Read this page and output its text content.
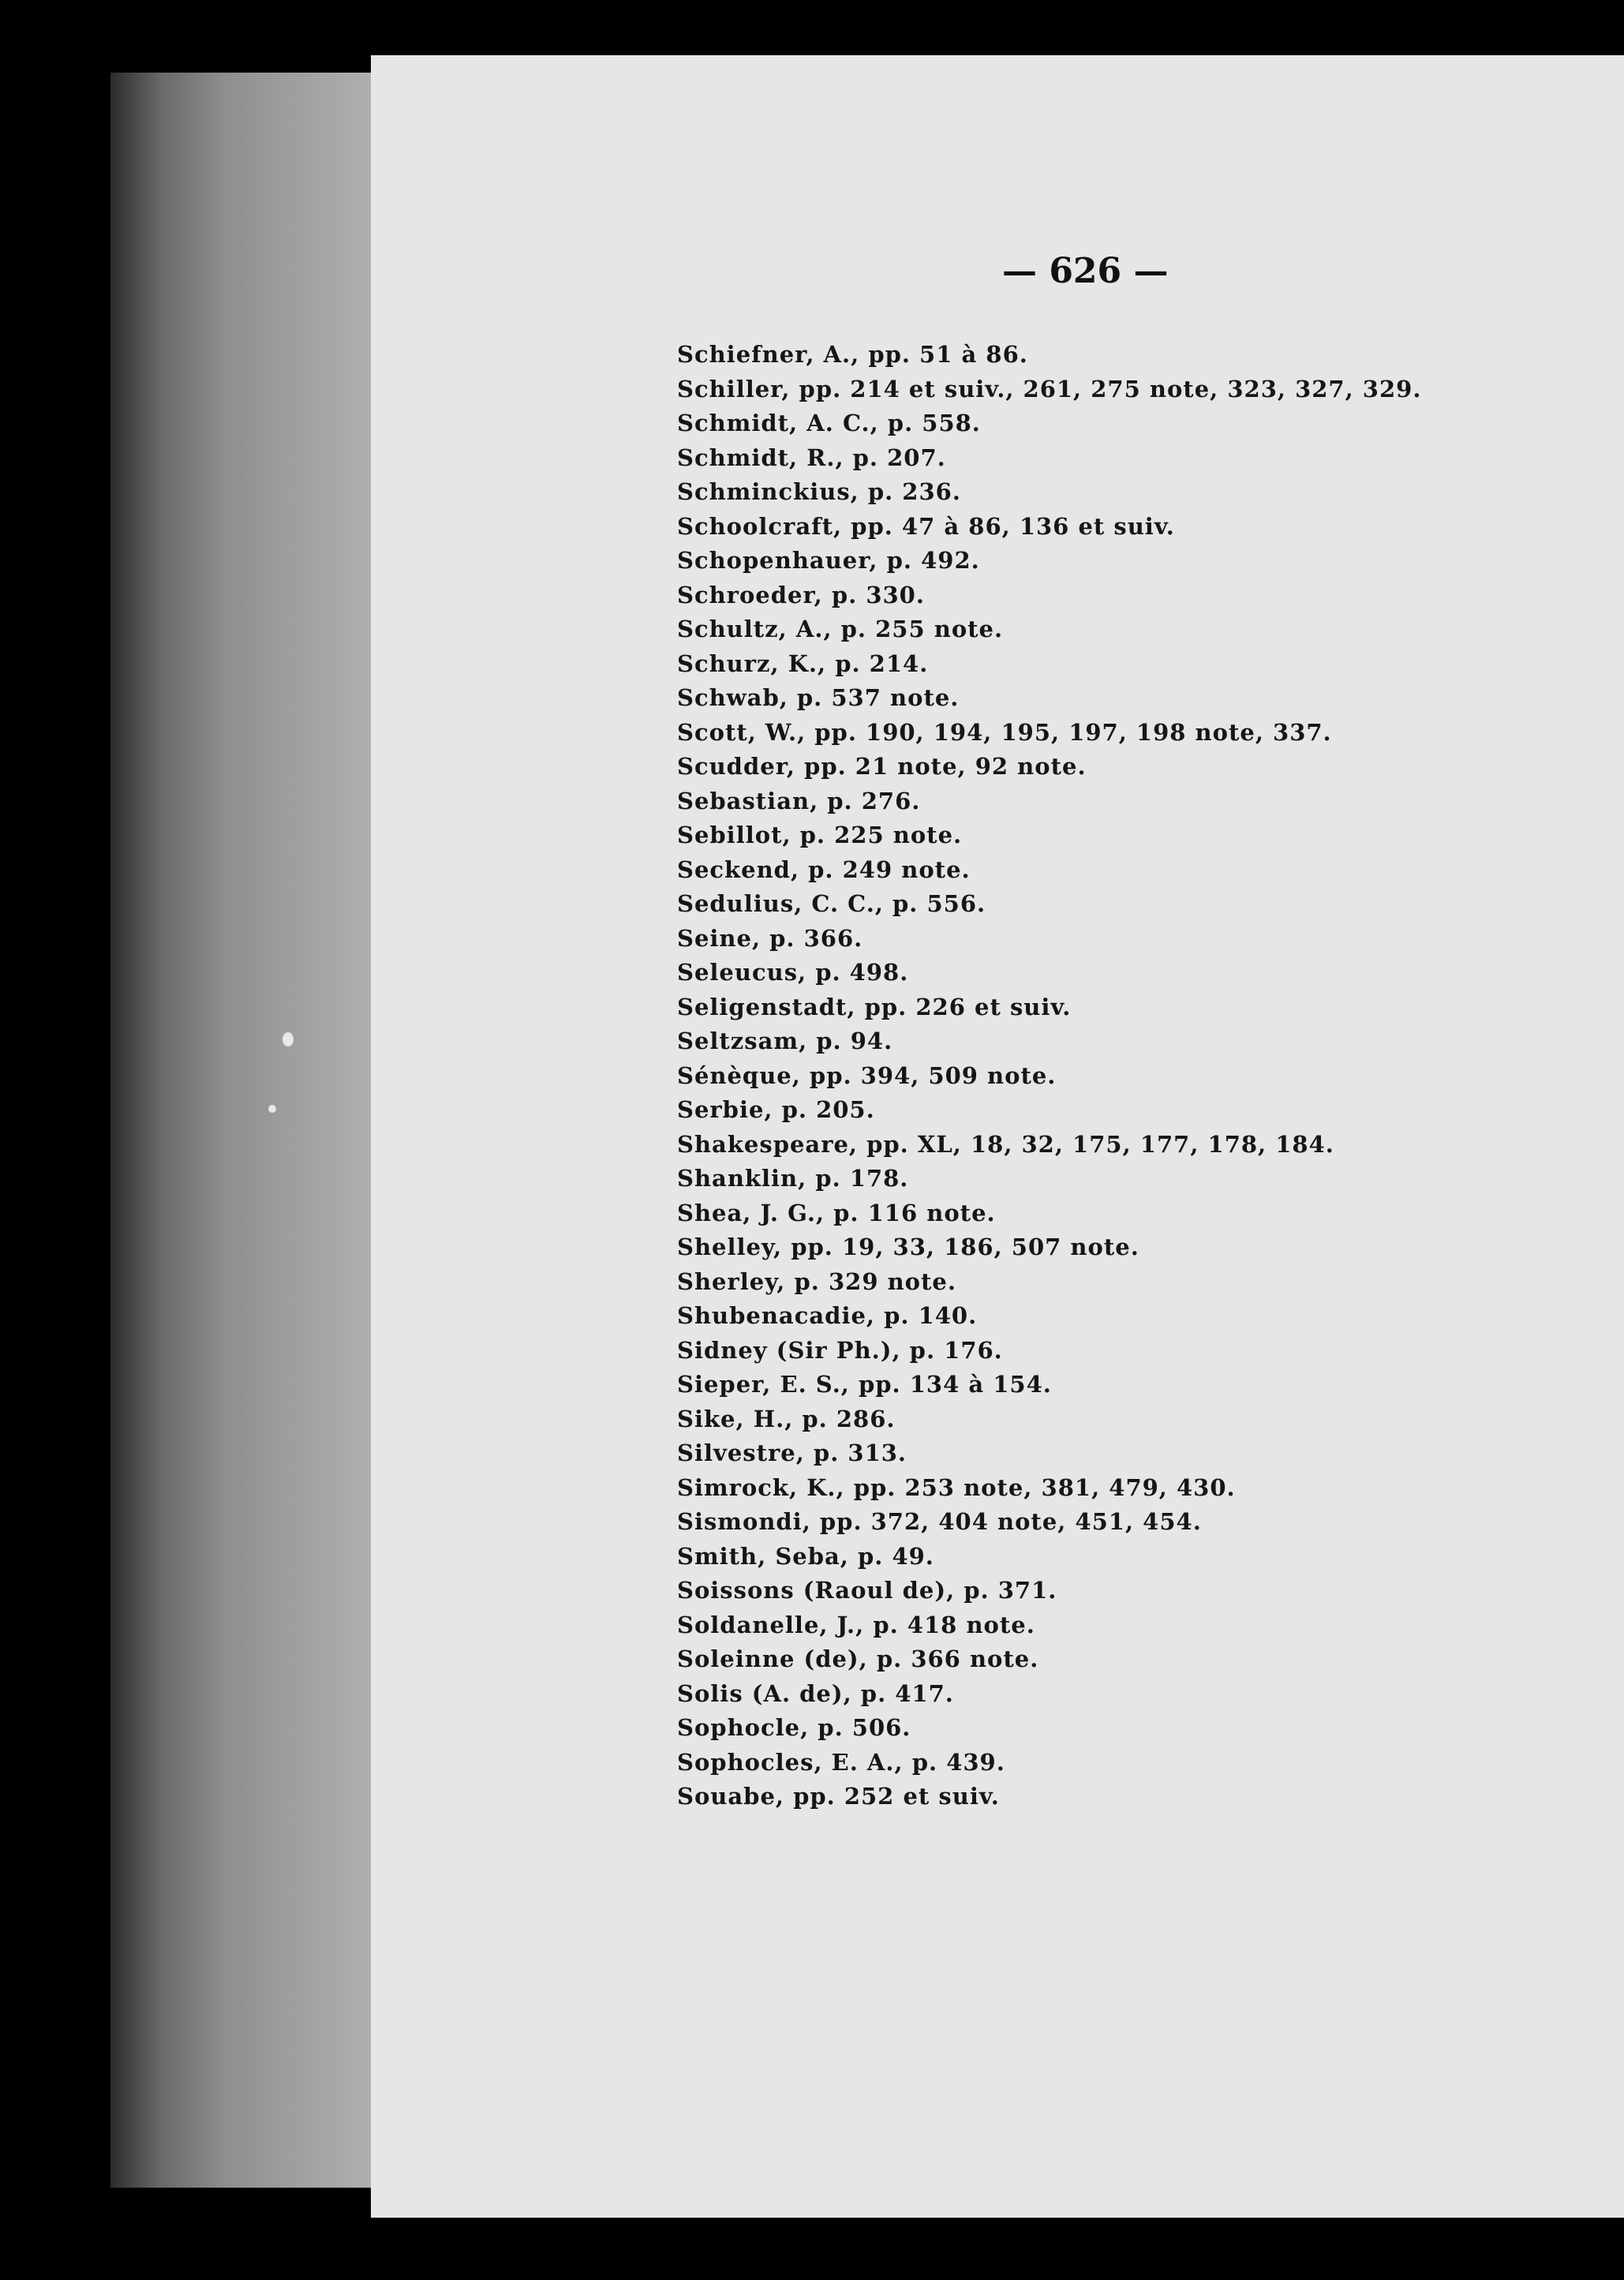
— 626 —
Schiefner, A., pp. 51 à 86.
Schiller, pp. 214 et suiv., 261, 275 note, 323, 327, 329.
Schmidt, A. C., p. 558.
Schmidt, R., p. 207.
Schminckius, p. 236.
Schoolcraft, pp. 47 à 86, 136 et suiv.
Schopenhauer, p. 492.
Schroeder, p. 330.
Schultz, A., p. 255 note.
Schurz, K., p. 214.
Schwab, p. 537 note.
Scott, W., pp. 190, 194, 195, 197, 198 note, 337.
Scudder, pp. 21 note, 92 note.
Sebastian, p. 276.
Sebillot, p. 225 note.
Seckend, p. 249 note.
Sedulius, C. C., p. 556.
Seine, p. 366.
Seleucus, p. 498.
Seligenstadt, pp. 226 et suiv.
Seltzsam, p. 94.
Sénèque, pp. 394, 509 note.
Serbie, p. 205.
Shakespeare, pp. XL, 18, 32, 175, 177, 178, 184.
Shanklin, p. 178.
Shea, J. G., p. 116 note.
Shelley, pp. 19, 33, 186, 507 note.
Sherley, p. 329 note.
Shubenacadie, p. 140.
Sidney (Sir Ph.), p. 176.
Sieper, E. S., pp. 134 à 154.
Sike, H., p. 286.
Silvestre, p. 313.
Simrock, K., pp. 253 note, 381, 479, 430.
Sismondi, pp. 372, 404 note, 451, 454.
Smith, Seba, p. 49.
Soissons (Raoul de), p. 371.
Soldanelle, J., p. 418 note.
Soleinne (de), p. 366 note.
Solis (A. de), p. 417.
Sophocle, p. 506.
Sophocles, E. A., p. 439.
Souabe, pp. 252 et suiv.
